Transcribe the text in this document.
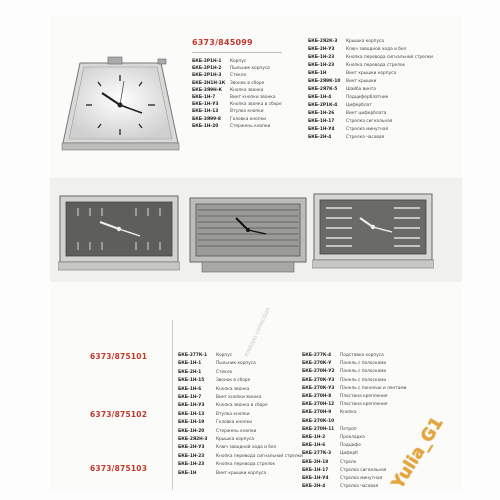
6373/845099
БКБ-2Р1Н-1 Корпус
БКБ-2Р1Н-2 Пыльник корпуса
БКБ-2Р1Н-3 Стекло
БКБ-2Н1Н-1К Звонок в сборе
БКБ-3Я9Н-К Кнопка звонка
БКБ-1Н-7	Винт кнопки звонка
БКБ-1Н-У3	Кнопка звонка в сборе
БКБ-1Н-13	Втулка кнопки
БКБ-3Я99-8 Головка кнопки
БКБ-1Н-20	Стержень кнопки
БКБ-2Я2К-3 Крышка корпуса
БКБ-2Н-У3	Ключ заводной хода и бел
БКБ-1Н-23	Кнопка перевода сигнальной стрелки
БКБ-1Н-23	Кнопка перевода стрелок
БКБ-1Н	Винт крышки корпуса
БКБ-2Я9К-10 Винт крышки
БКБ-2Я7К-5 Шайба винта
БКБ-1Н-4	Подциферблатник
БКБ-2Р1К-4 Циферблат
БКБ-1Н-26	Винт циферблата
БКБ-1Н-17	Стрелка сигнальная
БКБ-1Н-У4	Стрелка минутная
БКБ-2Н-4	Стрелка часовая
6373/875101
6373/875102
6373/875103
БКБ-277К-1 Корпус
БКБ-1Н-1	Пыльник корпуса
БКБ-2Н-1	Стекло
БКБ-1Н-15	Звонок в сборе
БКБ-1Н-6	Кнопка звонка
БКБ-1Н-7	Винт кнопки звонка
БКБ-1Н-У3	Кнопка звонка в сборе
БКБ-1Н-13	Втулка кнопки
БКБ-1Н-19	Головка кнопки
БКБ-1Н-20	Стержень кнопки
БКБ-2Я2Н-3 Крышка корпуса
БКБ-2Н-У3	Ключ заводной хода и бел
БКБ-1Н-23	Кнопка перевода сигнальной стрелки
БКБ-1Н-23	Кнопка перевода стрелок
БКБ-1Н	Винт крышки корпуса
БКБ-277К-4 Подставка корпуса
БКБ-270К-У Панель с полосками
БКБ-270Н-У2 Панель с полосками
БКБ-270К-У3 Панель с полосками
БКБ-270К-У3 Панель с панелью и лентами
БКБ-270Н-8 Пластина крепления
БКБ-270Н-12 Пластина крепления
БКБ-270Н-9 Кнопка
БКБ-270К-10
БКБ-270Н-11 Петроп
БКБ-1Н-2	Прокладка
БКБ-1Н-6	Подцифе
БКБ-277К-3 Циферб
БКБ-2Н-18	Стрелк
БКБ-1Н-17	Стрелка сигнальная
БКБ-1Н-У4	Стрелка минутная
БКБ-2Н-4	Стрелка часовая
motopo collection
Yulia_G1
